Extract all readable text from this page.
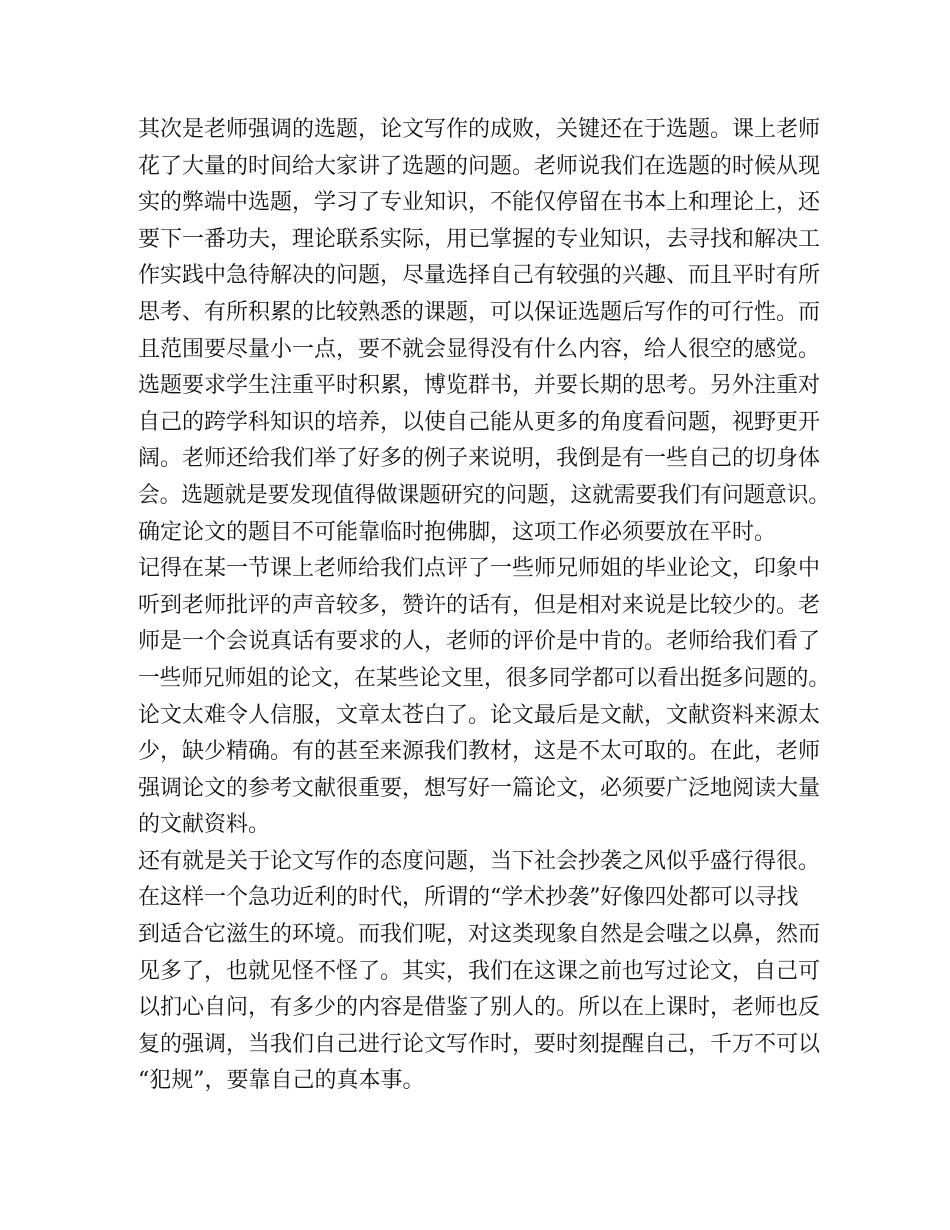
其次是老师强调的选题，论文写作的成败，关键还在于选题。课上老师
花了大量的时间给大家讲了选题的问题。老师说我们在选题的时候从现
实的弊端中选题，学习了专业知识，不能仅停留在书本上和理论上，还
要下一番功夫，理论联系实际，用已掌握的专业知识，去寻找和解决工
作实践中急待解决的问题，尽量选择自己有较强的兴趣、而且平时有所
思考、有所积累的比较熟悉的课题，可以保证选题后写作的可行性。而
且范围要尽量小一点，要不就会显得没有什么内容，给人很空的感觉。
选题要求学生注重平时积累，博览群书，并要长期的思考。另外注重对
自己的跨学科知识的培养，以使自己能从更多的角度看问题，视野更开
阔。老师还给我们举了好多的例子来说明，我倒是有一些自己的切身体
会。选题就是要发现值得做课题研究的问题，这就需要我们有问题意识。
确定论文的题目不可能靠临时抱佛脚，这项工作必须要放在平时。
记得在某一节课上老师给我们点评了一些师兄师姐的毕业论文，印象中
听到老师批评的声音较多，赞许的话有，但是相对来说是比较少的。老
师是一个会说真话有要求的人，老师的评价是中肯的。老师给我们看了
一些师兄师姐的论文，在某些论文里，很多同学都可以看出挺多问题的。
论文太难令人信服，文章太苍白了。论文最后是文献，文献资料来源太
少，缺少精确。有的甚至来源我们教材，这是不太可取的。在此，老师
强调论文的参考文献很重要，想写好一篇论文，必须要广泛地阅读大量
的文献资料。
还有就是关于论文写作的态度问题，当下社会抄袭之风似乎盛行得很。
在这样一个急功近利的时代，所谓的“学术抄袭”好像四处都可以寻找
到适合它滋生的环境。而我们呢，对这类现象自然是会嗤之以鼻，然而
见多了，也就见怪不怪了。其实，我们在这课之前也写过论文，自己可
以扪心自问，有多少的内容是借鉴了别人的。所以在上课时，老师也反
复的强调，当我们自己进行论文写作时，要时刻提醒自己，千万不可以
“犯规”，要靠自己的真本事。
